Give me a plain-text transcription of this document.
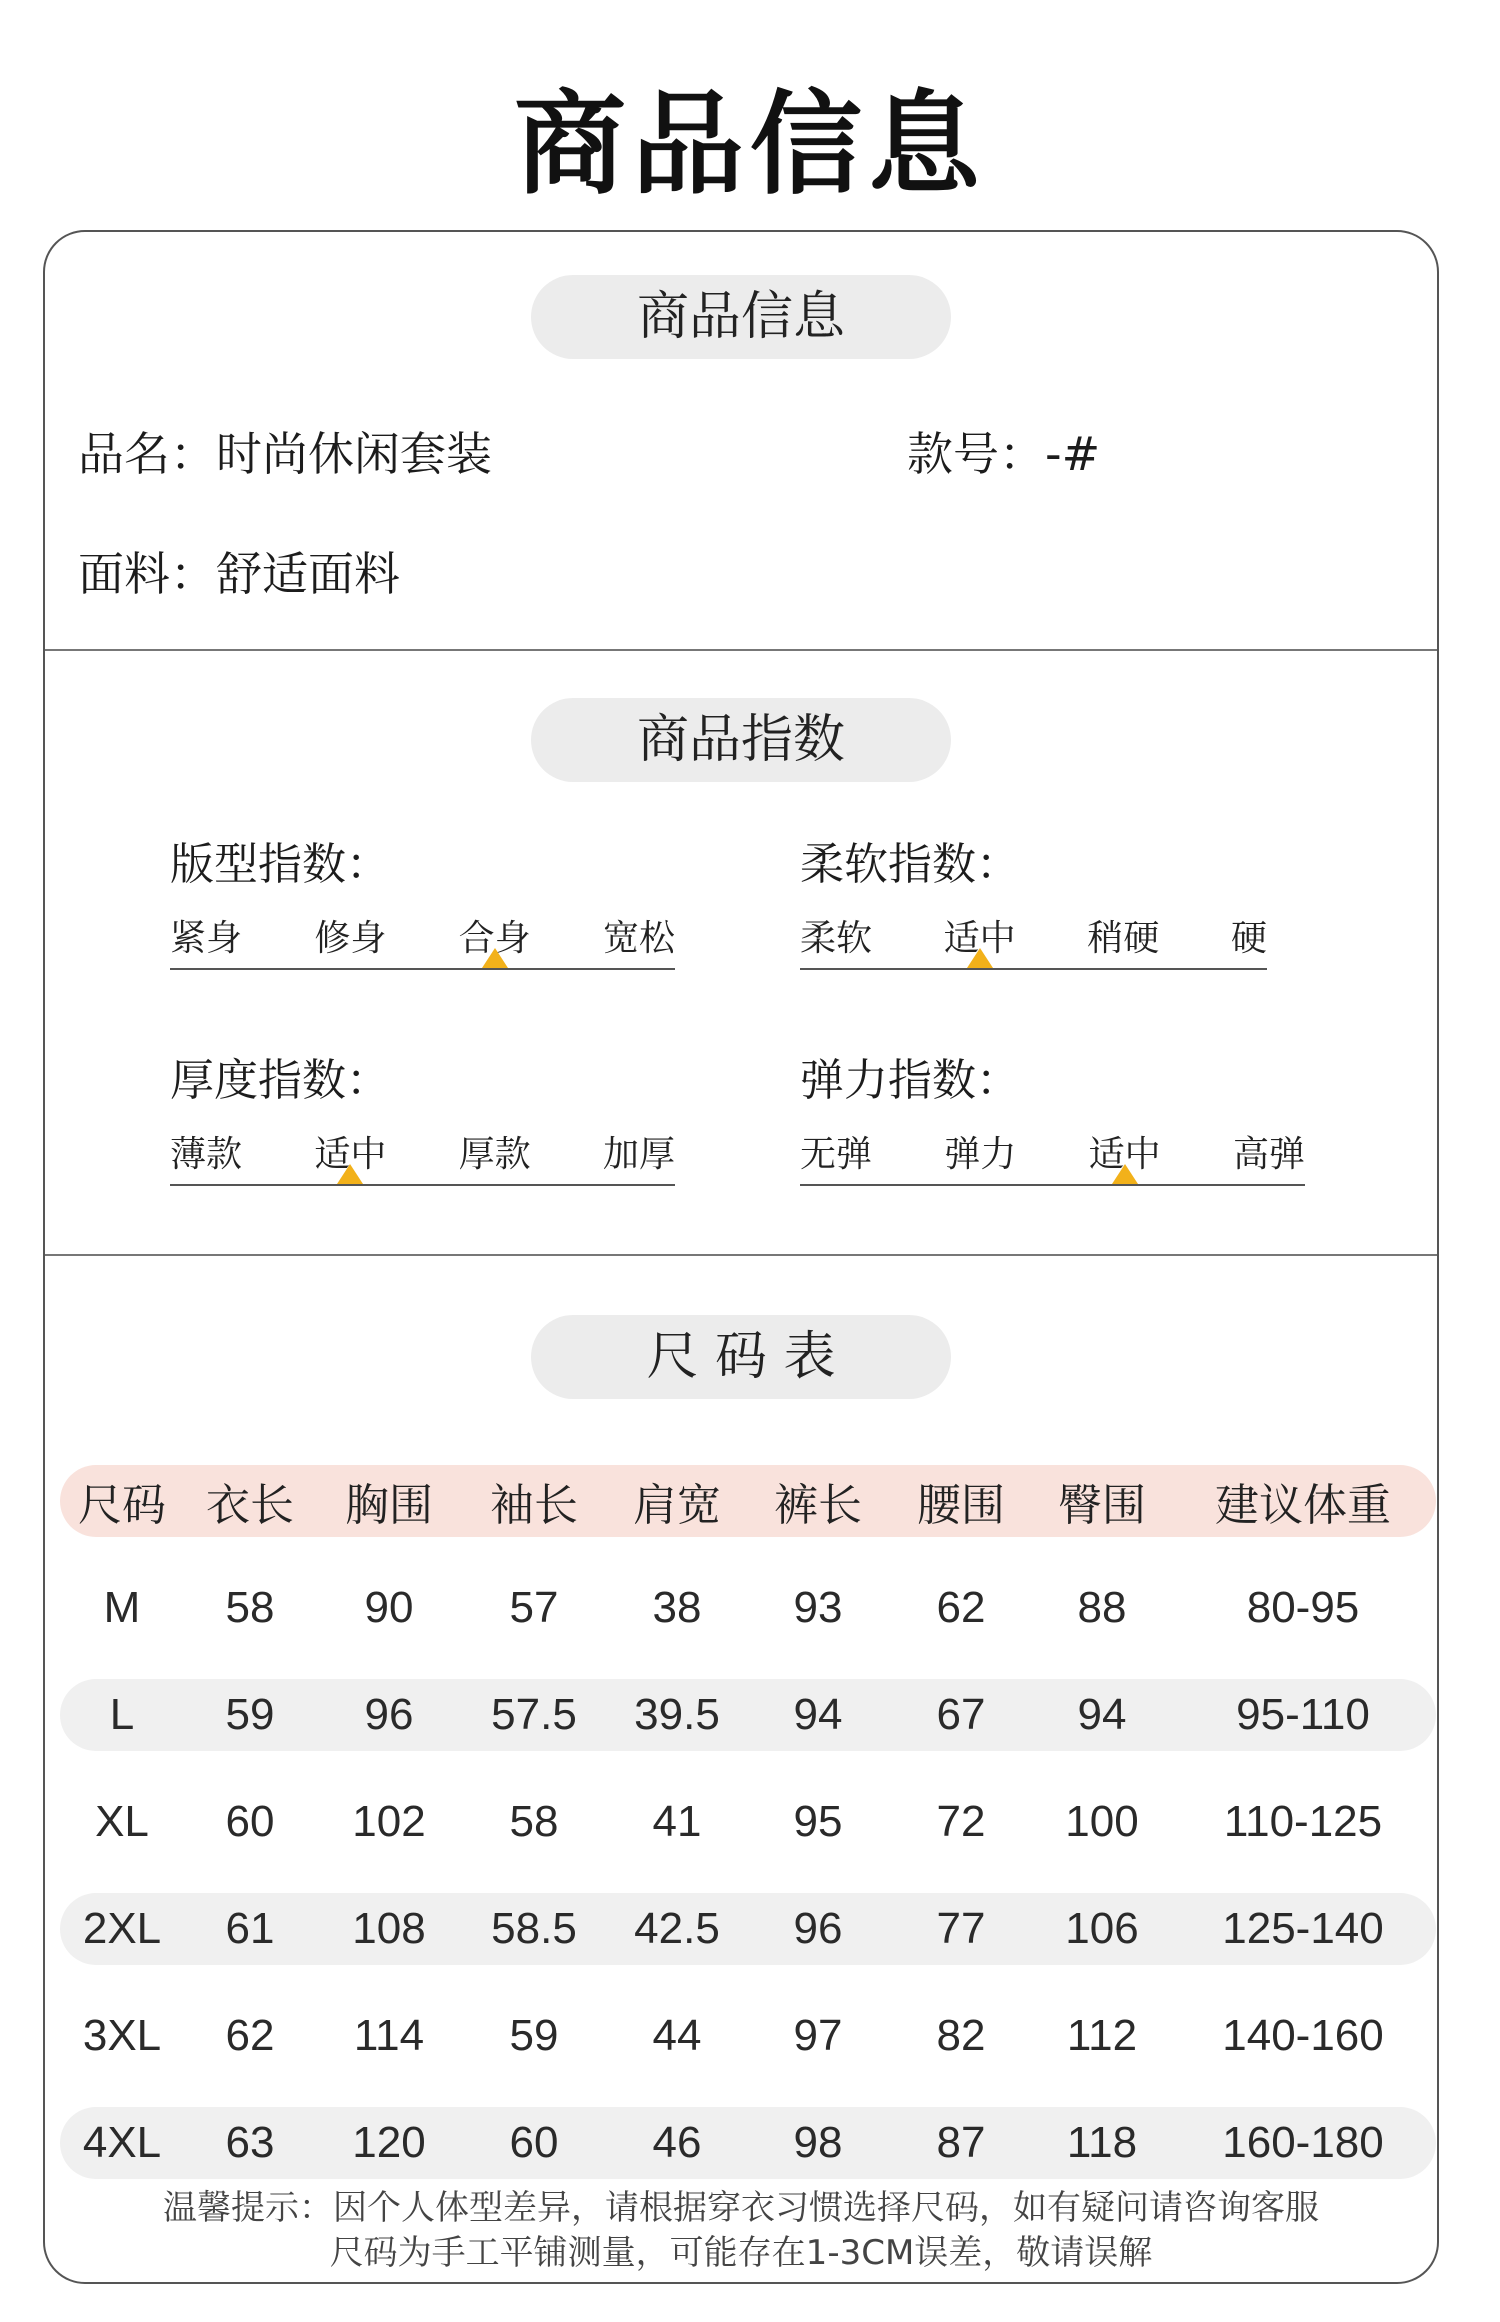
商品信息
商品信息
品名：时尚休闲套装	款号：-#
面料：舒适面料
商品指数
版型指数：
紧身 修身 合身 宽松
柔软指数：
柔软 适中 稍硬 硬
厚度指数：
薄款 适中 厚款 加厚
弹力指数：
无弹 弹力 适中 高弹
尺 码 表
温馨提示：因个人体型差异，请根据穿衣习惯选择尺码，如有疑问请咨询客服
尺码为手工平铺测量，可能存在1-3CM误差，敬请误解
尺码	衣长	胸围	袖长	肩宽	裤长	腰围	臀围	建议体重
M	58	90	57	38	93	62	88	80-95
L	59	96	57.5	39.5	94	67	94	95-110
XL	60	102	58	41	95	72	100	110-125
2XL	61	108	58.5	42.5	96	77	106	125-140
3XL	62	114	59	44	97	82	112	140-160
4XL	63	120	60	46	98	87	118	160-180
